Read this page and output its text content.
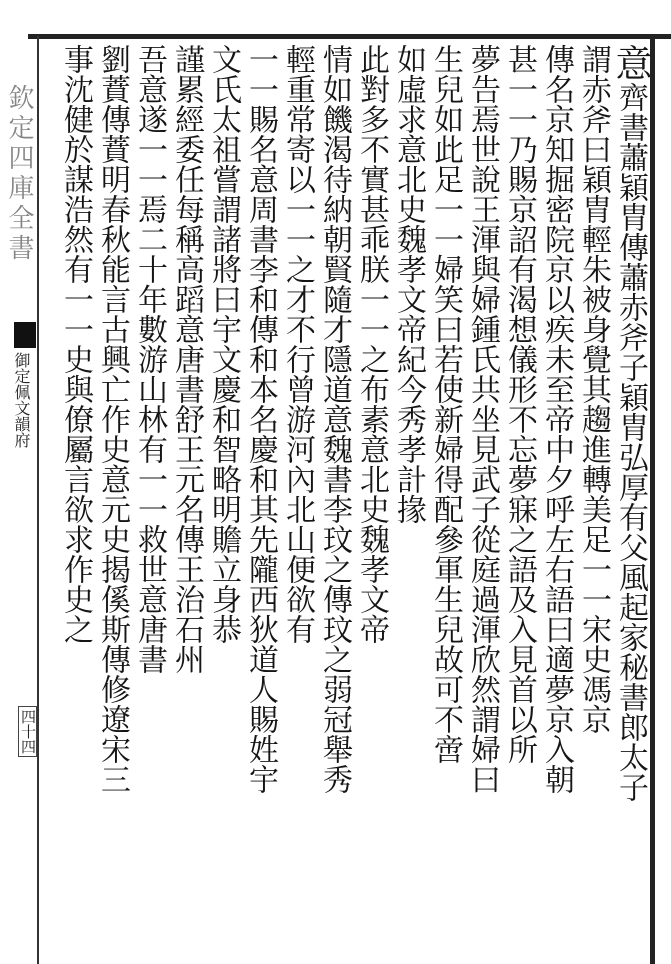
欽定四庫全書
御定佩文韻府
四十四
意齊書蕭穎胄傳蕭赤斧子穎胄弘厚有父風起家秘書郎太子
謂赤斧曰穎胄輕朱被身覺其趨進轉美足一一宋史馮京
傳名京知掘密院京以疾未至帝中夕呼左右語曰適夢京入朝
甚一一乃賜京詔有渴想儀形不忘夢寐之語及入見首以所
夢告焉世說王渾與婦鍾氏共坐見武子從庭過渾欣然謂婦曰
生兒如此足一一婦笑曰若使新婦得配參軍生兒故可不啻
如虛求意北史魏孝文帝紀今秀孝計掾
此對多不實甚乖朕一一之布素意北史魏孝文帝
情如饑渴待納朝賢隨才隱道意魏書李玟之傳玟之弱冠舉秀
輕重常寄以一一之才不行曾游河內北山便欲有
一一賜名意周書李和傳和本名慶和其先隴西狄道人賜姓宇
文氏太祖嘗謂諸將曰宇文慶和智略明贍立身恭
謹累經委任每稱高蹈意唐書舒王元名傳王治石州
吾意遂一一焉二十年數游山林有一一救世意唐書
劉蕡傳蕡明春秋能言古興亡作史意元史揭傒斯傳修遼宋三
事沈健於謀浩然有一一史與僚屬言欲求作史之
